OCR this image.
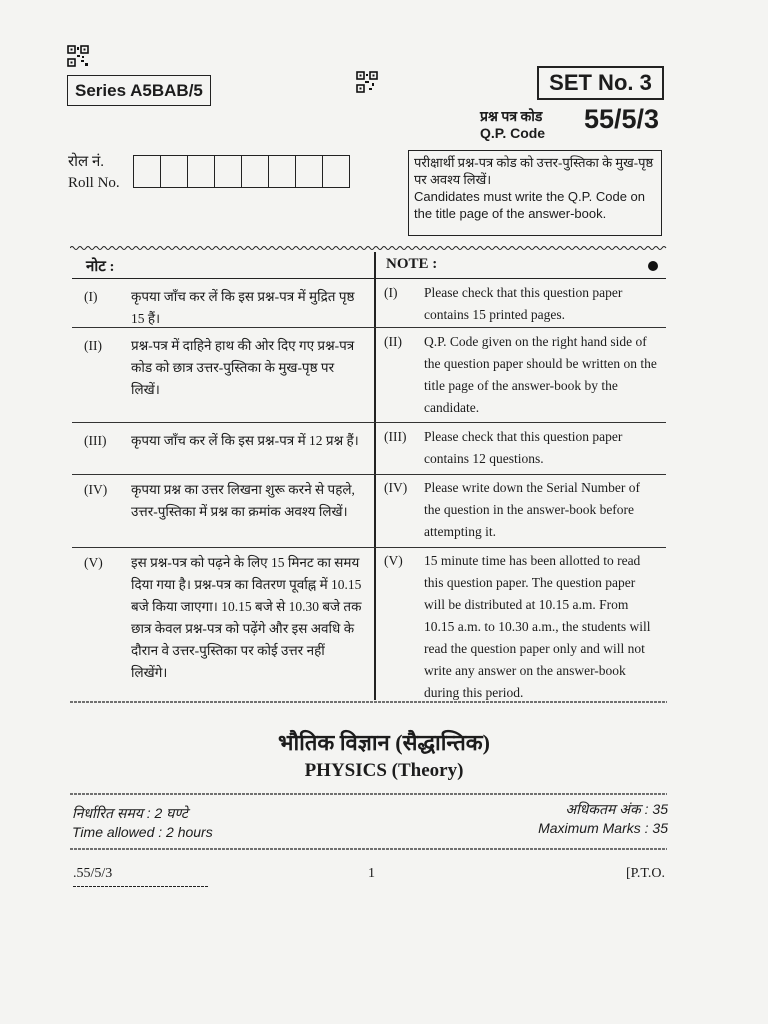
Series A5BAB/5	SET No. 3
प्रश्न पत्र कोड
Q.P. Code 55/5/3
रोल नं.
Roll No.
परीक्षार्थी प्रश्न-पत्र कोड को उत्तर-पुस्तिका के मुख-पृष्ठ पर अवश्य लिखें।
Candidates must write the Q.P. Code on the title page of the answer-book.
नोट :	NOTE :
(I)	कृपया जाँच कर लें कि इस प्रश्न-पत्र में मुद्रित पृष्ठ 15 हैं।
(I)	Please check that this question paper contains 15 printed pages.
(II)	प्रश्न-पत्र में दाहिने हाथ की ओर दिए गए प्रश्न-पत्र कोड को छात्र उत्तर-पुस्तिका के मुख-पृष्ठ पर लिखें।
(II)	Q.P. Code given on the right hand side of the question paper should be written on the title page of the answer-book by the candidate.
(III)	कृपया जाँच कर लें कि इस प्रश्न-पत्र में 12 प्रश्न हैं।	(III)	Please check that this question paper contains 12 questions.
(IV)	कृपया प्रश्न का उत्तर लिखना शुरू करने से पहले, उत्तर-पुस्तिका में प्रश्न का क्रमांक अवश्य लिखें।
(IV)	Please write down the Serial Number of the question in the answer-book before attempting it.
(V)	इस प्रश्न-पत्र को पढ़ने के लिए 15 मिनट का समय दिया गया है। प्रश्न-पत्र का वितरण पूर्वाह्न में 10.15 बजे किया जाएगा। 10.15 बजे से 10.30 बजे तक छात्र केवल प्रश्न-पत्र को पढ़ेंगे और इस अवधि के दौरान वे उत्तर-पुस्तिका पर कोई उत्तर नहीं लिखेंगे।
(V)	15 minute time has been allotted to read this question paper. The question paper will be distributed at 10.15 a.m. From 10.15 a.m. to 10.30 a.m., the students will read the question paper only and will not write any answer on the answer-book during this period.
भौतिक विज्ञान (सैद्धान्तिक)
PHYSICS (Theory)
निर्धारित समय : 2 घण्टे
Time allowed : 2 hours
अधिकतम अंक : 35
Maximum Marks : 35
.55/5/3	1	[P.T.O.
